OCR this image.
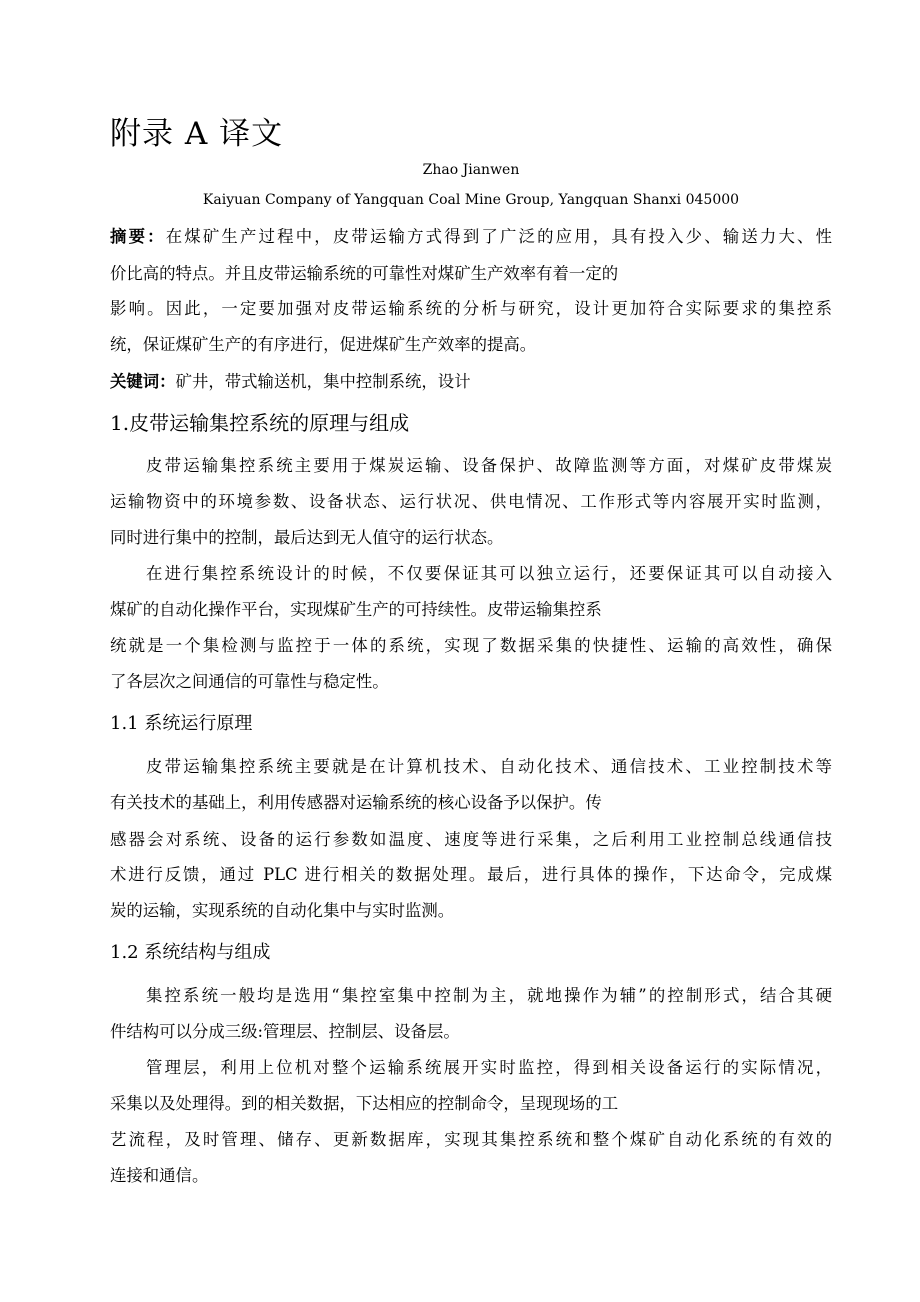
附录 A 译文
Zhao Jianwen
Kaiyuan Company of Yangquan Coal Mine Group, Yangquan Shanxi 045000
摘要：在煤矿生产过程中，皮带运输方式得到了广泛的应用，具有投入少、输送力大、性
价比高的特点。并且皮带运输系统的可靠性对煤矿生产效率有着一定的
影响。因此，一定要加强对皮带运输系统的分析与研究，设计更加符合实际要求的集控系
统，保证煤矿生产的有序进行，促进煤矿生产效率的提高。
关键词：矿井，带式输送机，集中控制系统，设计
1.皮带运输集控系统的原理与组成
皮带运输集控系统主要用于煤炭运输、设备保护、故障监测等方面，对煤矿皮带煤炭
运输物资中的环境参数、设备状态、运行状况、供电情况、工作形式等内容展开实时监测，
同时进行集中的控制，最后达到无人值守的运行状态。
在进行集控系统设计的时候，不仅要保证其可以独立运行，还要保证其可以自动接入
煤矿的自动化操作平台，实现煤矿生产的可持续性。皮带运输集控系
统就是一个集检测与监控于一体的系统，实现了数据采集的快捷性、运输的高效性，确保
了各层次之间通信的可靠性与稳定性。
1.1 系统运行原理
皮带运输集控系统主要就是在计算机技术、自动化技术、通信技术、工业控制技术等
有关技术的基础上，利用传感器对运输系统的核心设备予以保护。传
感器会对系统、设备的运行参数如温度、速度等进行采集，之后利用工业控制总线通信技
术进行反馈，通过 PLC 进行相关的数据处理。最后，进行具体的操作，下达命令，完成煤
炭的运输，实现系统的自动化集中与实时监测。
1.2 系统结构与组成
集控系统一般均是选用“集控室集中控制为主，就地操作为辅”的控制形式，结合其硬
件结构可以分成三级:管理层、控制层、设备层。
管理层，利用上位机对整个运输系统展开实时监控，得到相关设备运行的实际情况，
采集以及处理得。到的相关数据，下达相应的控制命令，呈现现场的工
艺流程，及时管理、储存、更新数据库，实现其集控系统和整个煤矿自动化系统的有效的
连接和通信。
